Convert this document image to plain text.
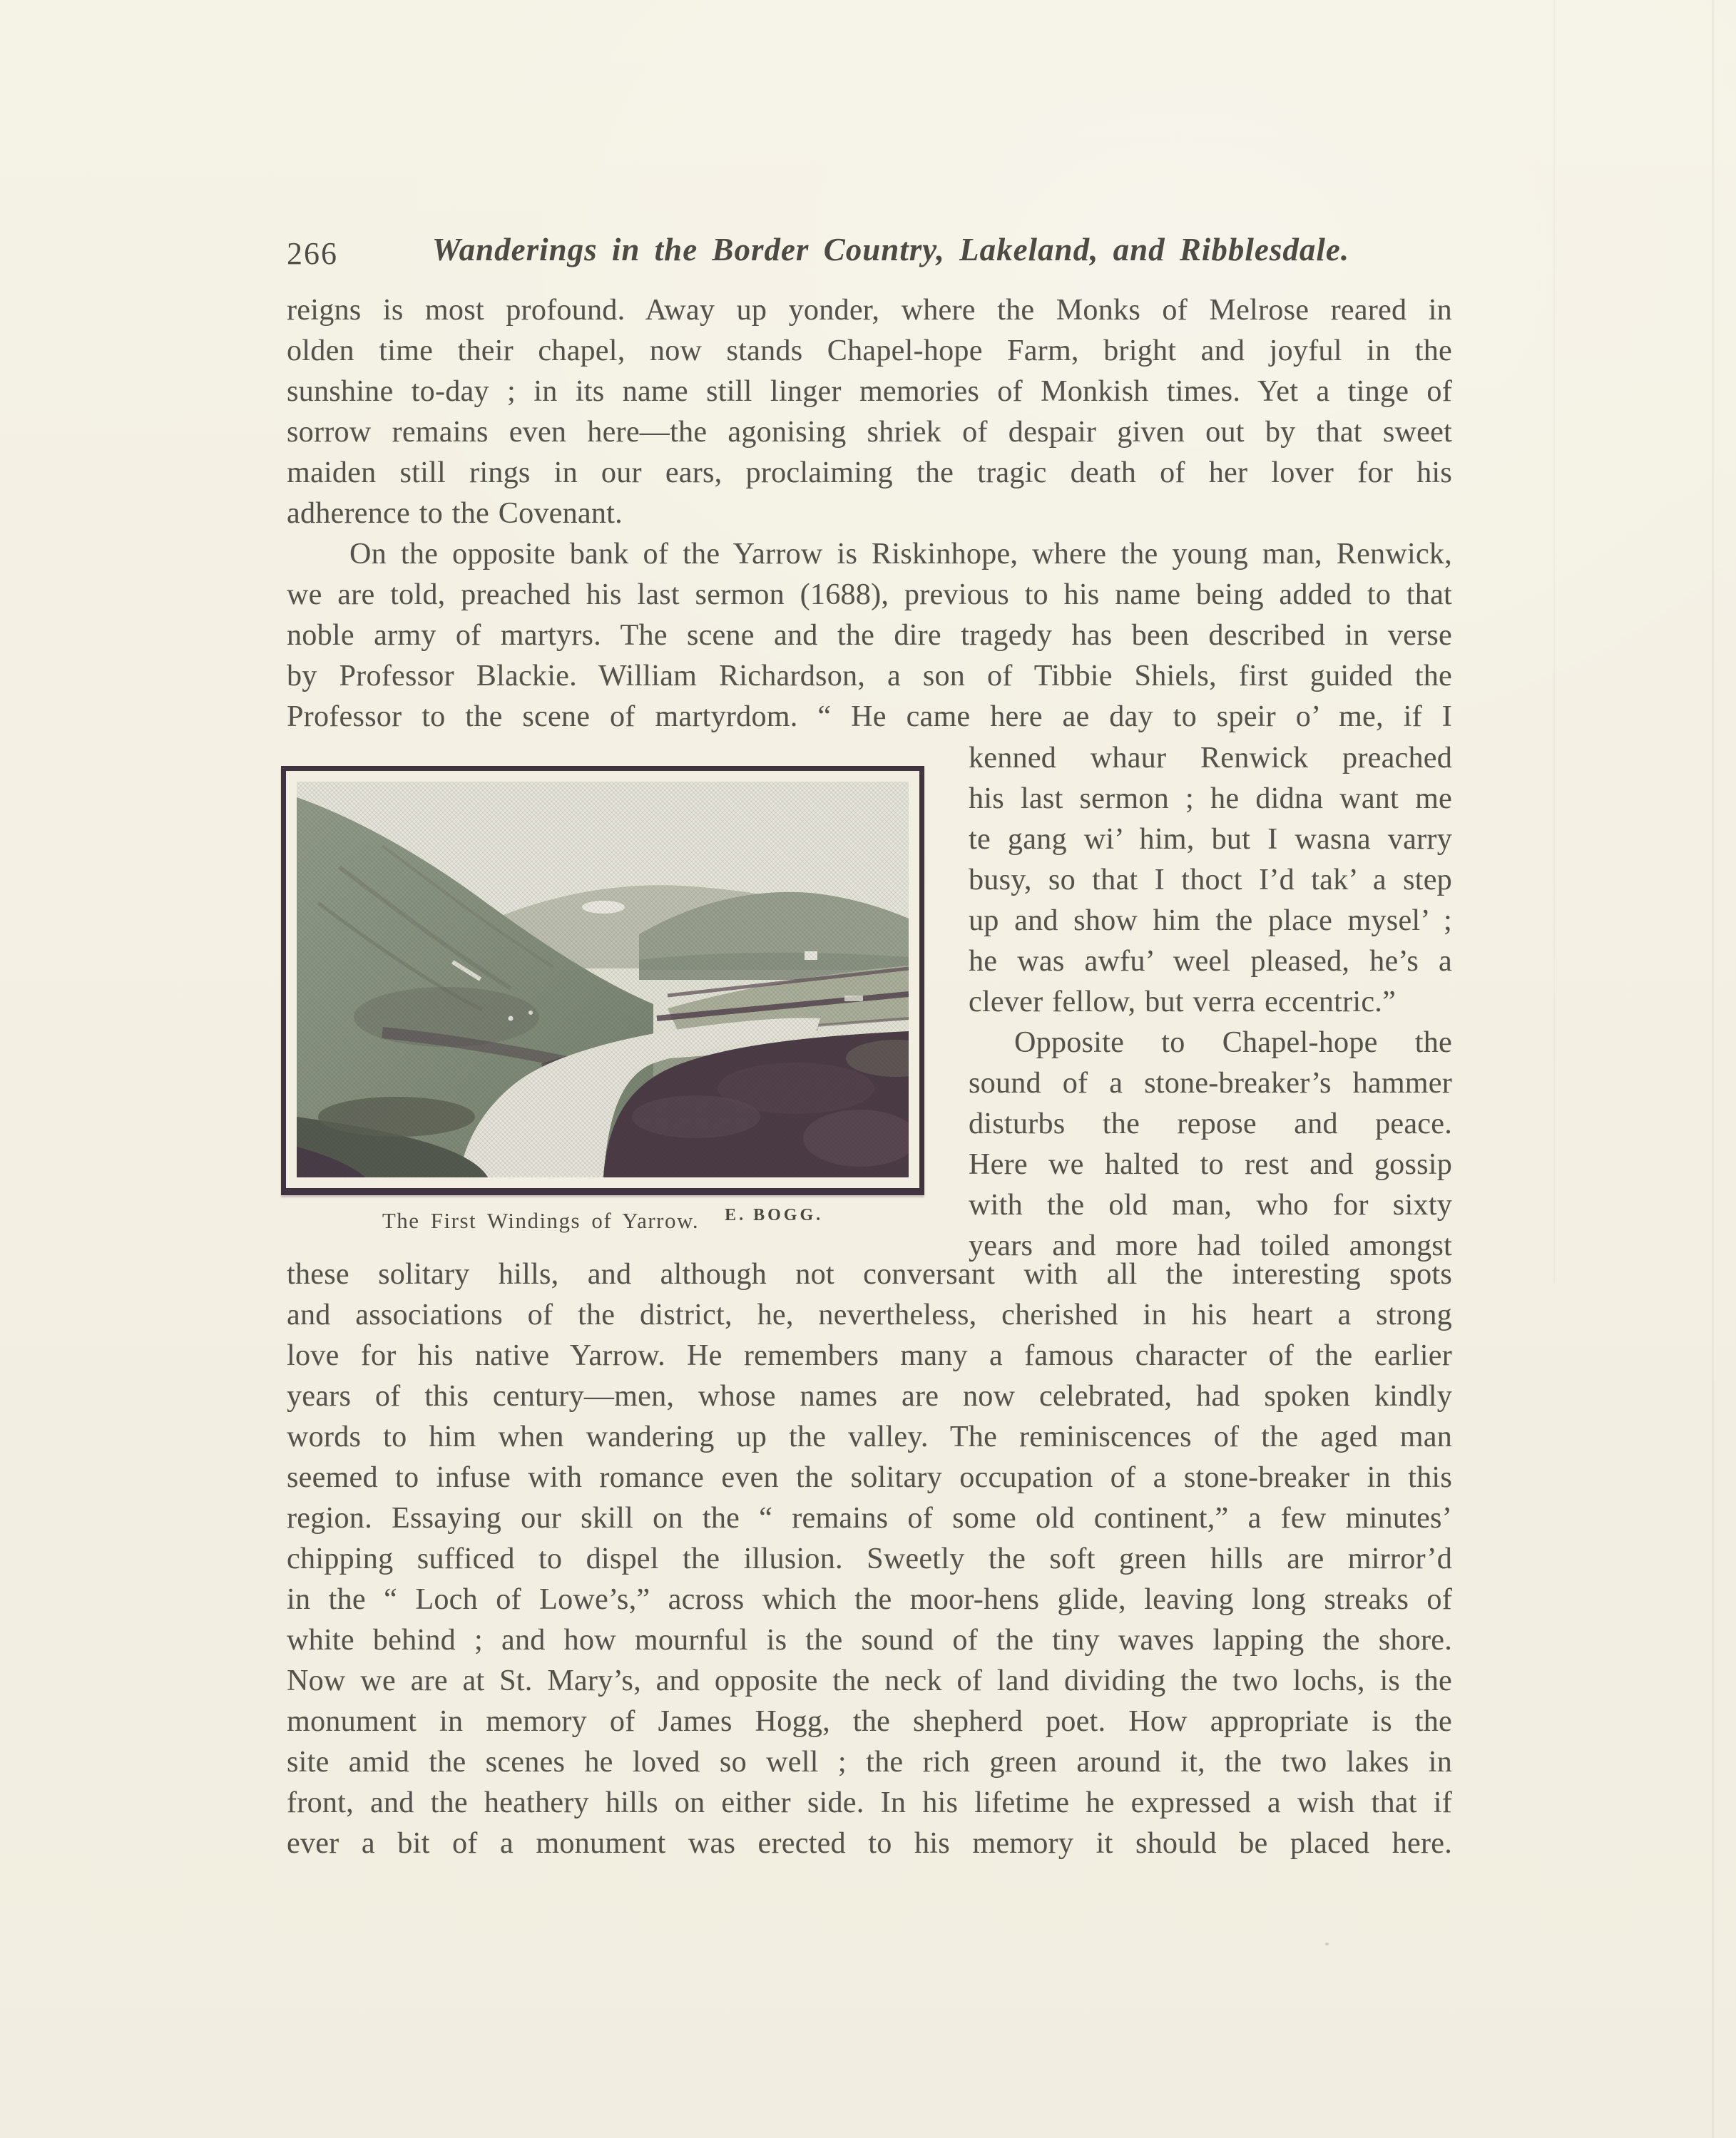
266	Wanderings in the Border Country, Lakeland, and Ribblesdale.
reigns is most profound. Away up yonder, where the Monks of Melrose reared in
olden time their chapel, now stands Chapel-hope Farm, bright and joyful in the
sunshine to-day ; in its name still linger memories of Monkish times. Yet a tinge of
sorrow remains even here—the agonising shriek of despair given out by that sweet
maiden still rings in our ears, proclaiming the tragic death of her lover for his
adherence to the Covenant.
On the opposite bank of the Yarrow is Riskinhope, where the young man, Renwick,
we are told, preached his last sermon (1688), previous to his name being added to that
noble army of martyrs. The scene and the dire tragedy has been described in verse
by Professor Blackie. William Richardson, a son of Tibbie Shiels, first guided the
Professor to the scene of martyrdom. “ He came here ae day to speir o’ me, if I
kenned whaur Renwick preached
his last sermon ; he didna want me
te gang wi’ him, but I wasna varry
busy, so that I thoct I’d tak’ a step
up and show him the place mysel’ ;
he was awfu’ weel pleased, he’s a
clever fellow, but verra eccentric.”
Opposite to Chapel-hope the
sound of a stone-breaker’s hammer
disturbs the repose and peace.
Here we halted to rest and gossip
with the old man, who for sixty
years and more had toiled amongst
The First Windings of Yarrow. E. BOGG.
these solitary hills, and although not conversant with all the interesting spots
and associations of the district, he, nevertheless, cherished in his heart a strong
love for his native Yarrow. He remembers many a famous character of the earlier
years of this century—men, whose names are now celebrated, had spoken kindly
words to him when wandering up the valley. The reminiscences of the aged man
seemed to infuse with romance even the solitary occupation of a stone-breaker in this
region. Essaying our skill on the “ remains of some old continent,” a few minutes’
chipping sufficed to dispel the illusion. Sweetly the soft green hills are mirror’d
in the “ Loch of Lowe’s,” across which the moor-hens glide, leaving long streaks of
white behind ; and how mournful is the sound of the tiny waves lapping the shore.
Now we are at St. Mary’s, and opposite the neck of land dividing the two lochs, is the
monument in memory of James Hogg, the shepherd poet. How appropriate is the
site amid the scenes he loved so well ; the rich green around it, the two lakes in
front, and the heathery hills on either side. In his lifetime he expressed a wish that if
ever a bit of a monument was erected to his memory it should be placed here.
